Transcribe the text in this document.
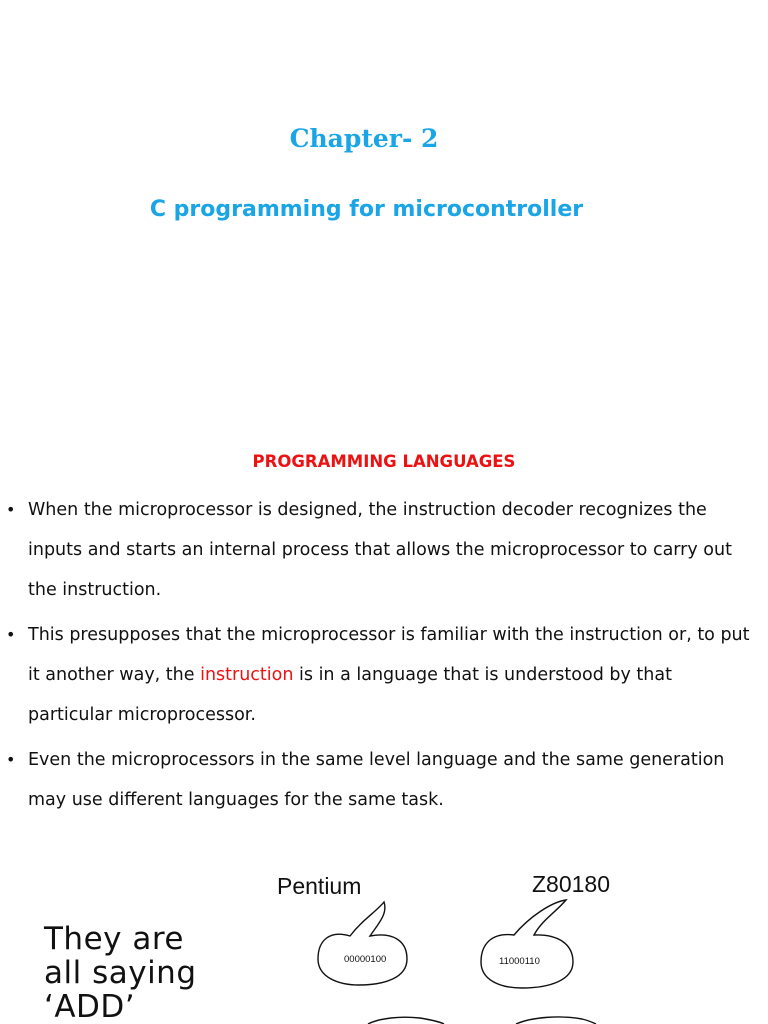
Chapter- 2
C programming for microcontroller
PROGRAMMING LANGUAGES
• When the microprocessor is designed, the instruction decoder recognizes the inputs and starts an internal process that allows the microprocessor to carry out the instruction.
• This presupposes that the microprocessor is familiar with the instruction or, to put it another way, the instruction is in a language that is understood by that particular microprocessor.
• Even the microprocessors in the same level language and the same generation may use different languages for the same task.
They are
all saying
‘ADD’
Pentium	Z80180
00000100	11000110
